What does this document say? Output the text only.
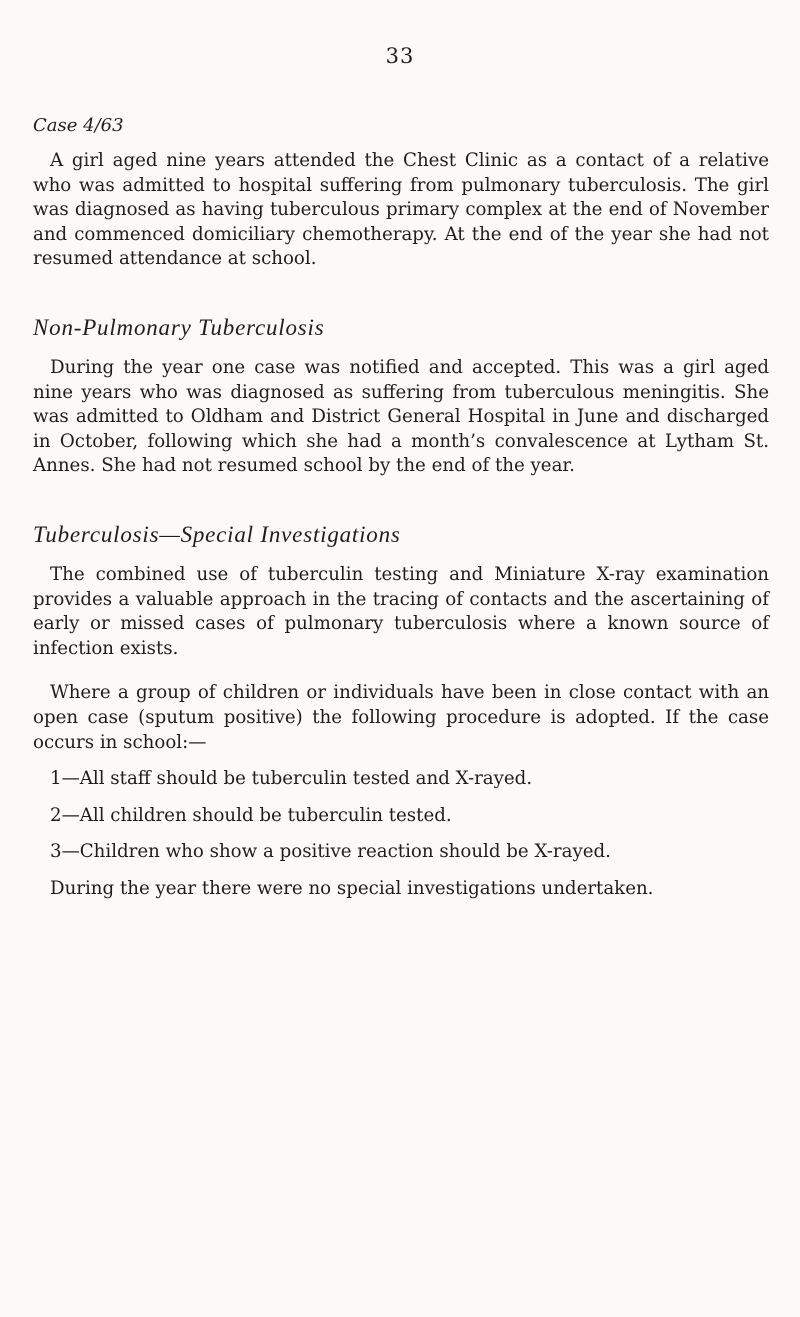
33
Case 4/63

A girl aged nine years attended the Chest Clinic as a contact of a relative who was admitted to hospital suffering from pulmonary tuberculosis. The girl was diagnosed as having tuberculous primary complex at the end of November and commenced domiciliary chemotherapy. At the end of the year she had not resumed attendance at school.

Non-Pulmonary Tuberculosis

During the year one case was notified and accepted. This was a girl aged nine years who was diagnosed as suffering from tuberculous meningitis. She was admitted to Oldham and District General Hospital in June and discharged in October, following which she had a month’s convalescence at Lytham St. Annes. She had not resumed school by the end of the year.

Tuberculosis—Special Investigations

The combined use of tuberculin testing and Miniature X-ray examination provides a valuable approach in the tracing of contacts and the ascertaining of early or missed cases of pulmonary tuberculosis where a known source of infection exists.

Where a group of children or individuals have been in close contact with an open case (sputum positive) the following procedure is adopted. If the case occurs in school:—

1—All staff should be tuberculin tested and X-rayed.
2—All children should be tuberculin tested.
3—Children who show a positive reaction should be X-rayed.

During the year there were no special investigations undertaken.
